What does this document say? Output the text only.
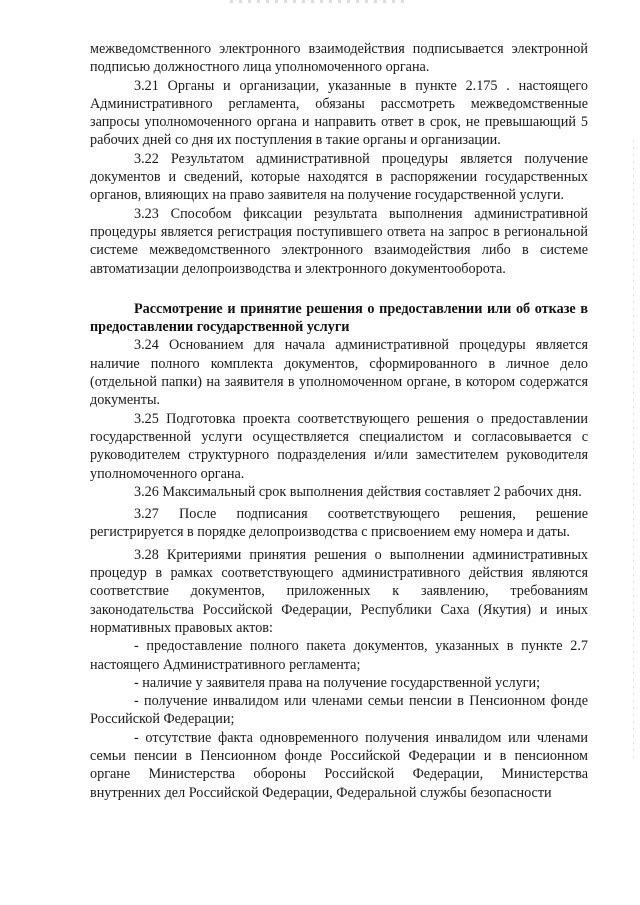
межведомственного электронного взаимодействия подписывается электронной подписью должностного лица уполномоченного органа.

3.21 Органы и организации, указанные в пункте 2.175 . настоящего Административного регламента, обязаны рассмотреть межведомственные запросы уполномоченного органа и направить ответ в срок, не превышающий 5 рабочих дней со дня их поступления в такие органы и организации.

3.22 Результатом административной процедуры является получение документов и сведений, которые находятся в распоряжении государственных органов, влияющих на право заявителя на получение государственной услуги.

3.23 Способом фиксации результата выполнения административной процедуры является регистрация поступившего ответа на запрос в региональной системе межведомственного электронного взаимодействия либо в системе автоматизации делопроизводства и электронного документооборота.

Рассмотрение и принятие решения о предоставлении или об отказе в предоставлении государственной услуги

3.24 Основанием для начала административной процедуры является наличие полного комплекта документов, сформированного в личное дело (отдельной папки) на заявителя в уполномоченном органе, в котором содержатся документы.

3.25 Подготовка проекта соответствующего решения о предоставлении государственной услуги осуществляется специалистом и согласовывается с руководителем структурного подразделения и/или заместителем руководителя уполномоченного органа.

3.26 Максимальный срок выполнения действия составляет 2 рабочих дня.

3.27 После подписания соответствующего решения, решение регистрируется в порядке делопроизводства с присвоением ему номера и даты.

3.28 Критериями принятия решения о выполнении административных процедур в рамках соответствующего административного действия являются соответствие документов, приложенных к заявлению, требованиям законодательства Российской Федерации, Республики Саха (Якутия) и иных нормативных правовых актов:

- предоставление полного пакета документов, указанных в пункте 2.7 настоящего Административного регламента;

- наличие у заявителя права на получение государственной услуги;

- получение инвалидом или членами семьи пенсии в Пенсионном фонде Российской Федерации;

- отсутствие факта одновременного получения инвалидом или членами семьи пенсии в Пенсионном фонде Российской Федерации и в пенсионном органе Министерства обороны Российской Федерации, Министерства внутренних дел Российской Федерации, Федеральной службы безопасности
